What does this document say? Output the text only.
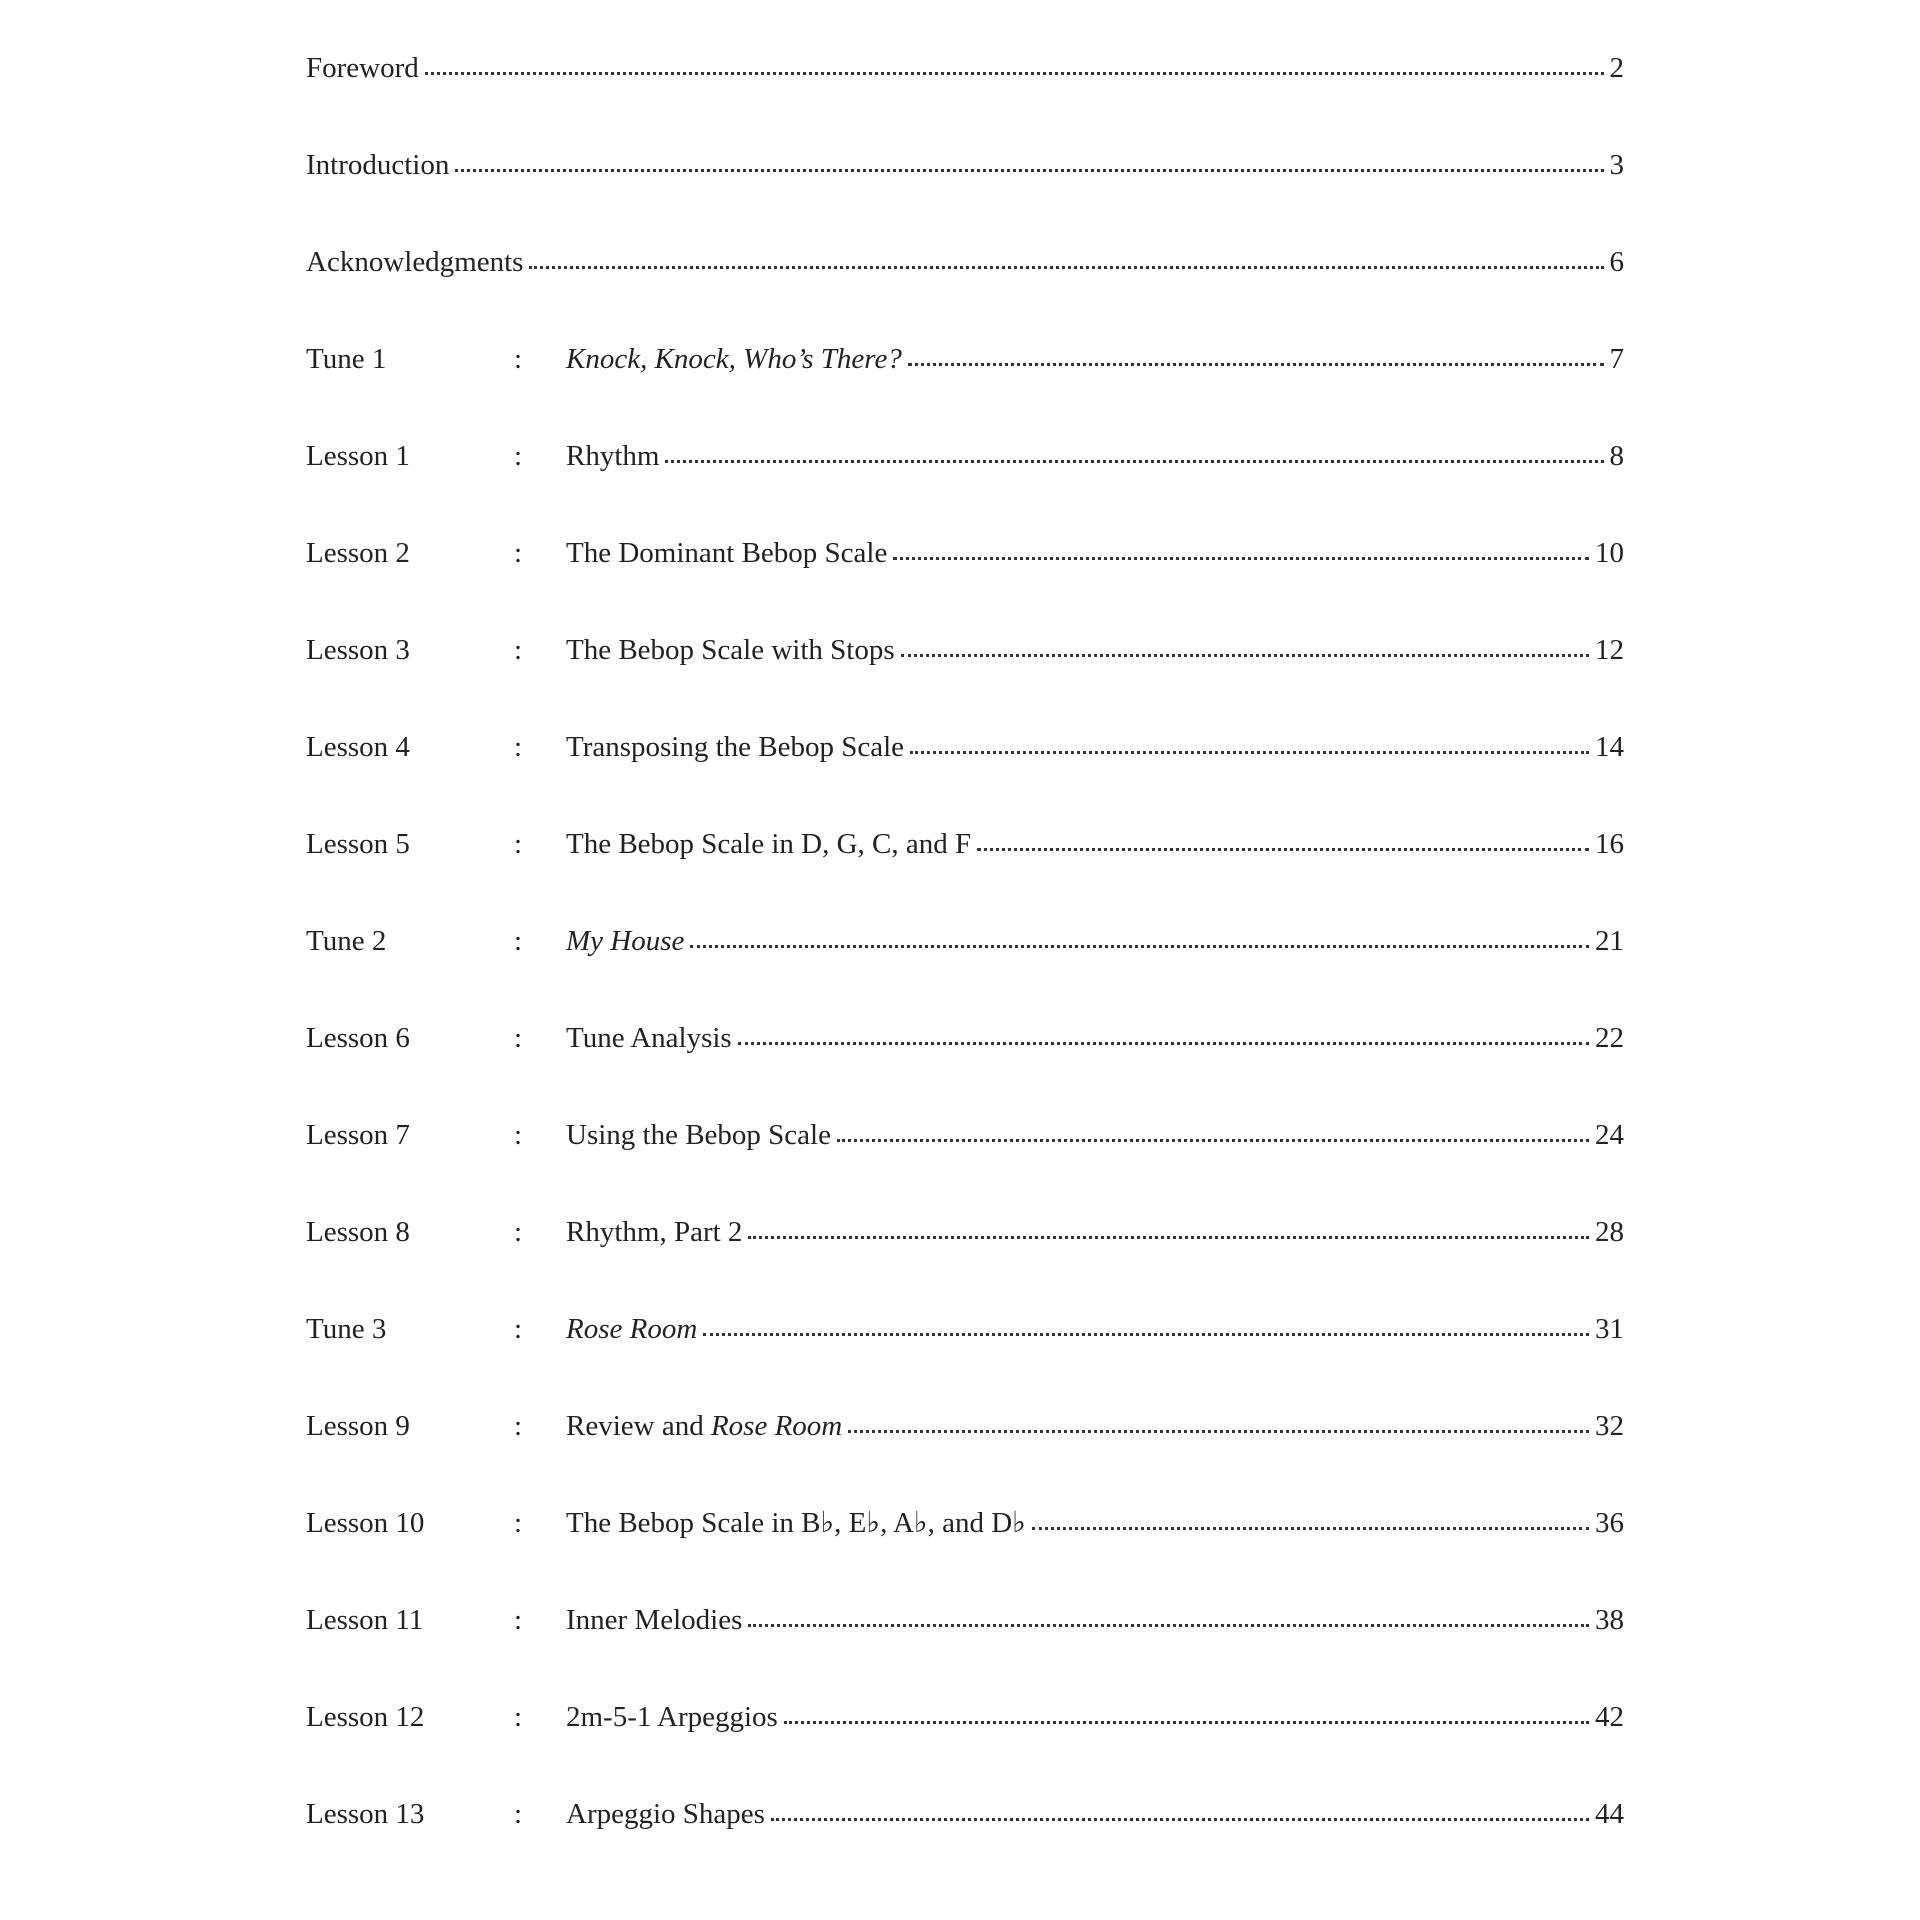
Foreword	2
Introduction	3
Acknowledgments	6
Tune 1	:	Knock, Knock, Who’s There?	7
Lesson 1	:	Rhythm	8
Lesson 2	:	The Dominant Bebop Scale	10
Lesson 3	:	The Bebop Scale with Stops	12
Lesson 4	:	Transposing the Bebop Scale	14
Lesson 5	:	The Bebop Scale in D, G, C, and F	16
Tune 2	:	My House	21
Lesson 6	:	Tune Analysis	22
Lesson 7	:	Using the Bebop Scale	24
Lesson 8	:	Rhythm, Part 2	28
Tune 3	:	Rose Room	31
Lesson 9	:	Review and Rose Room	32
Lesson 10	:	The Bebop Scale in B♭, E♭, A♭, and D♭	36
Lesson 11	:	Inner Melodies	38
Lesson 12	:	2m-5-1 Arpeggios	42
Lesson 13	:	Arpeggio Shapes	44
